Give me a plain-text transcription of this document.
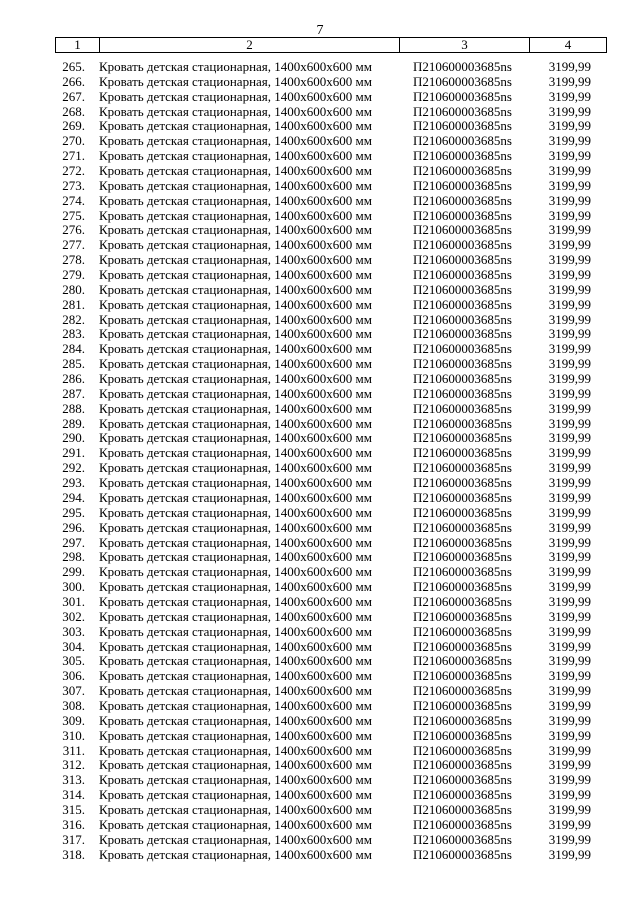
7
1	2	3	4
265. Кровать детская стационарная, 1400x600x600 мм	П210600003685ns	3199,99
266. Кровать детская стационарная, 1400x600x600 мм	П210600003685ns	3199,99
267. Кровать детская стационарная, 1400x600x600 мм	П210600003685ns	3199,99
268. Кровать детская стационарная, 1400x600x600 мм	П210600003685ns	3199,99
269. Кровать детская стационарная, 1400x600x600 мм	П210600003685ns	3199,99
270. Кровать детская стационарная, 1400x600x600 мм	П210600003685ns	3199,99
271. Кровать детская стационарная, 1400x600x600 мм	П210600003685ns	3199,99
272. Кровать детская стационарная, 1400x600x600 мм	П210600003685ns	3199,99
273. Кровать детская стационарная, 1400x600x600 мм	П210600003685ns	3199,99
274. Кровать детская стационарная, 1400x600x600 мм	П210600003685ns	3199,99
275. Кровать детская стационарная, 1400x600x600 мм	П210600003685ns	3199,99
276. Кровать детская стационарная, 1400x600x600 мм	П210600003685ns	3199,99
277. Кровать детская стационарная, 1400x600x600 мм	П210600003685ns	3199,99
278. Кровать детская стационарная, 1400x600x600 мм	П210600003685ns	3199,99
279. Кровать детская стационарная, 1400x600x600 мм	П210600003685ns	3199,99
280. Кровать детская стационарная, 1400x600x600 мм	П210600003685ns	3199,99
281. Кровать детская стационарная, 1400x600x600 мм	П210600003685ns	3199,99
282. Кровать детская стационарная, 1400x600x600 мм	П210600003685ns	3199,99
283. Кровать детская стационарная, 1400x600x600 мм	П210600003685ns	3199,99
284. Кровать детская стационарная, 1400x600x600 мм	П210600003685ns	3199,99
285. Кровать детская стационарная, 1400x600x600 мм	П210600003685ns	3199,99
286. Кровать детская стационарная, 1400x600x600 мм	П210600003685ns	3199,99
287. Кровать детская стационарная, 1400x600x600 мм	П210600003685ns	3199,99
288. Кровать детская стационарная, 1400x600x600 мм	П210600003685ns	3199,99
289. Кровать детская стационарная, 1400x600x600 мм	П210600003685ns	3199,99
290. Кровать детская стационарная, 1400x600x600 мм	П210600003685ns	3199,99
291. Кровать детская стационарная, 1400x600x600 мм	П210600003685ns	3199,99
292. Кровать детская стационарная, 1400x600x600 мм	П210600003685ns	3199,99
293. Кровать детская стационарная, 1400x600x600 мм	П210600003685ns	3199,99
294. Кровать детская стационарная, 1400x600x600 мм	П210600003685ns	3199,99
295. Кровать детская стационарная, 1400x600x600 мм	П210600003685ns	3199,99
296. Кровать детская стационарная, 1400x600x600 мм	П210600003685ns	3199,99
297. Кровать детская стационарная, 1400x600x600 мм	П210600003685ns	3199,99
298. Кровать детская стационарная, 1400x600x600 мм	П210600003685ns	3199,99
299. Кровать детская стационарная, 1400x600x600 мм	П210600003685ns	3199,99
300. Кровать детская стационарная, 1400x600x600 мм	П210600003685ns	3199,99
301. Кровать детская стационарная, 1400x600x600 мм	П210600003685ns	3199,99
302. Кровать детская стационарная, 1400x600x600 мм	П210600003685ns	3199,99
303. Кровать детская стационарная, 1400x600x600 мм	П210600003685ns	3199,99
304. Кровать детская стационарная, 1400x600x600 мм	П210600003685ns	3199,99
305. Кровать детская стационарная, 1400x600x600 мм	П210600003685ns	3199,99
306. Кровать детская стационарная, 1400x600x600 мм	П210600003685ns	3199,99
307. Кровать детская стационарная, 1400x600x600 мм	П210600003685ns	3199,99
308. Кровать детская стационарная, 1400x600x600 мм	П210600003685ns	3199,99
309. Кровать детская стационарная, 1400x600x600 мм	П210600003685ns	3199,99
310. Кровать детская стационарная, 1400x600x600 мм	П210600003685ns	3199,99
311. Кровать детская стационарная, 1400x600x600 мм	П210600003685ns	3199,99
312. Кровать детская стационарная, 1400x600x600 мм	П210600003685ns	3199,99
313. Кровать детская стационарная, 1400x600x600 мм	П210600003685ns	3199,99
314. Кровать детская стационарная, 1400x600x600 мм	П210600003685ns	3199,99
315. Кровать детская стационарная, 1400x600x600 мм	П210600003685ns	3199,99
316. Кровать детская стационарная, 1400x600x600 мм	П210600003685ns	3199,99
317. Кровать детская стационарная, 1400x600x600 мм	П210600003685ns	3199,99
318. Кровать детская стационарная, 1400x600x600 мм	П210600003685ns	3199,99
